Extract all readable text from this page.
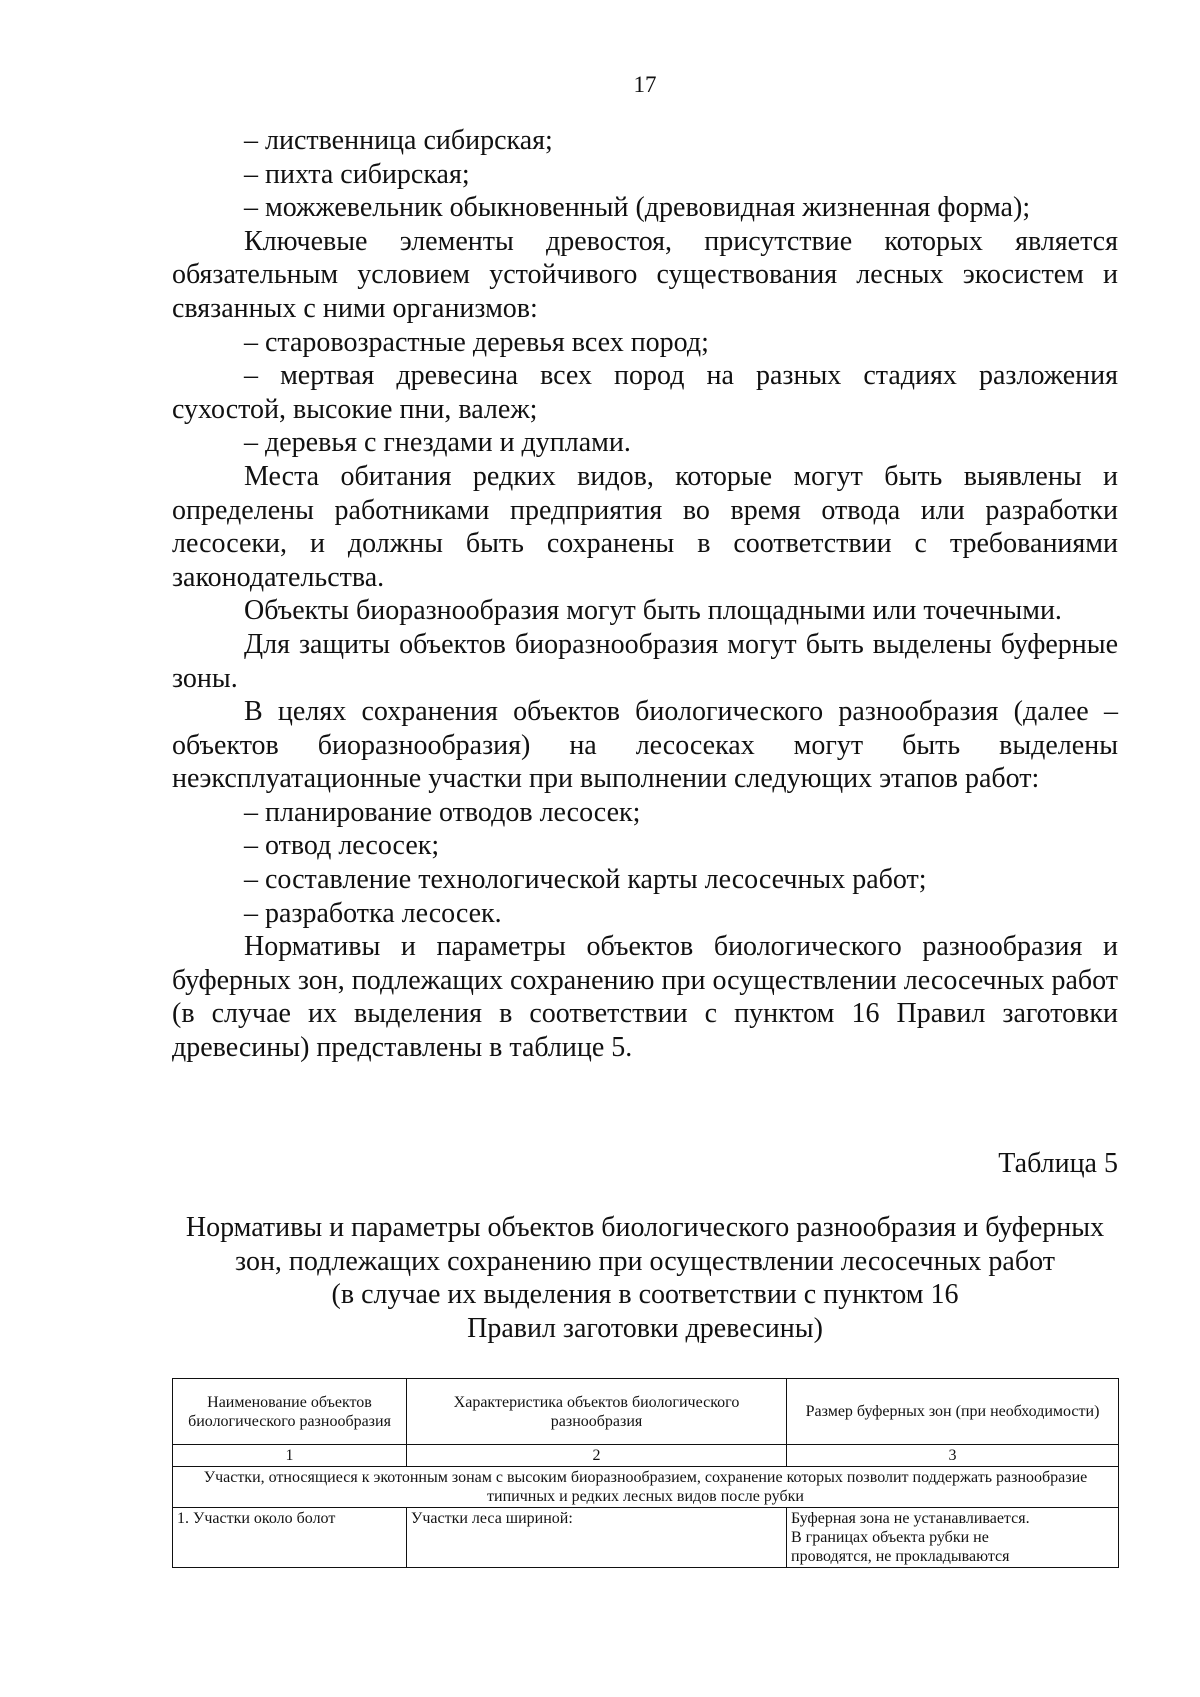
17

– лиственница сибирская;

– пихта сибирская;

– можжевельник обыкновенный (древовидная жизненная форма);

Ключевые элементы древостоя, присутствие которых является обязательным условием устойчивого существования лесных экосистем и связанных с ними организмов:

– старовозрастные деревья всех пород;

– мертвая древесина всех пород на разных стадиях разложения сухостой, высокие пни, валеж;

– деревья с гнездами и дуплами.

Места обитания редких видов, которые могут быть выявлены и определены работниками предприятия во время отвода или разработки лесосеки, и должны быть сохранены в соответствии с требованиями законодательства.

Объекты биоразнообразия могут быть площадными или точечными.

Для защиты объектов биоразнообразия могут быть выделены буферные зоны.

В целях сохранения объектов биологического разнообразия (далее – объектов биоразнообразия) на лесосеках могут быть выделены неэксплуатационные участки при выполнении следующих этапов работ:

– планирование отводов лесосек;

– отвод лесосек;

– составление технологической карты лесосечных работ;

– разработка лесосек.

Нормативы и параметры объектов биологического разнообразия и буферных зон, подлежащих сохранению при осуществлении лесосечных работ (в случае их выделения в соответствии с пунктом 16 Правил заготовки древесины) представлены в таблице 5.

Таблица 5
Нормативы и параметры объектов биологического разнообразия и буферных
зон, подлежащих сохранению при осуществлении лесосечных работ
(в случае их выделения в соответствии с пунктом 16
Правил заготовки древесины)
Наименование объектов биологического разнообразия	Характеристика объектов биологического разнообразия	Размер буферных зон (при необходимости)
1	2	3
Участки, относящиеся к экотонным зонам с высоким биоразнообразием, сохранение которых позволит поддержать разнообразие типичных и редких лесных видов после рубки		
1. Участки около болот	Участки леса шириной:	Буферная зона не устанавливается.
В границах объекта рубки не
проводятся, не прокладываются
